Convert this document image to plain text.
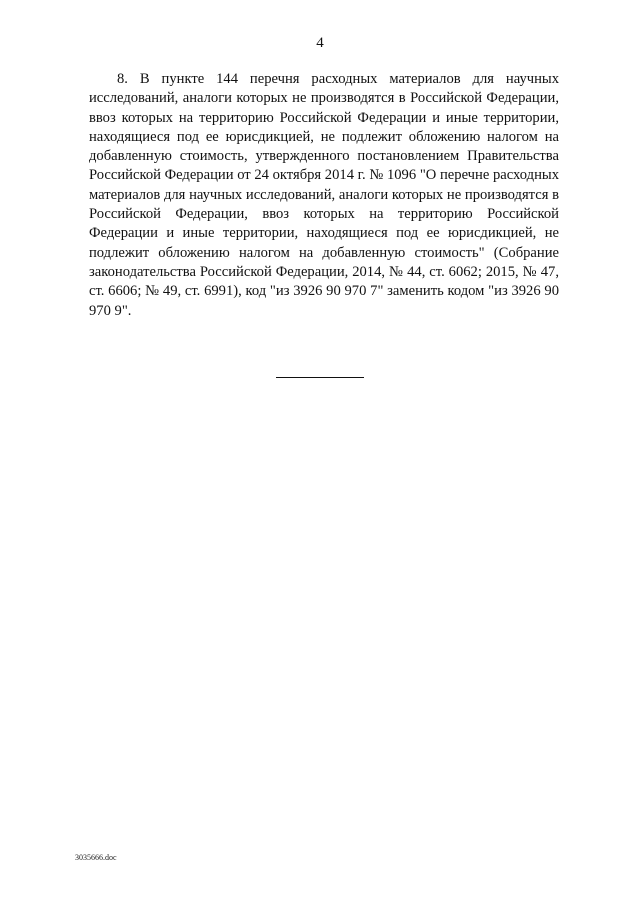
4

8. В пункте 144 перечня расходных материалов для научных исследований, аналоги которых не производятся в Российской Федерации, ввоз которых на территорию Российской Федерации и иные территории, находящиеся под ее юрисдикцией, не подлежит обложению налогом на добавленную стоимость, утвержденного постановлением Правительства Российской Федерации от 24 октября 2014 г. № 1096 "О перечне расходных материалов для научных исследований, аналоги которых не производятся в Российской Федерации, ввоз которых на территорию Российской Федерации и иные территории, находящиеся под ее юрисдикцией, не подлежит обложению налогом на добавленную стоимость" (Собрание законодательства Российской Федерации, 2014, № 44, ст. 6062; 2015, № 47, ст. 6606; № 49, ст. 6991), код "из 3926 90 970 7" заменить кодом "из 3926 90 970 9".

3035666.doc
